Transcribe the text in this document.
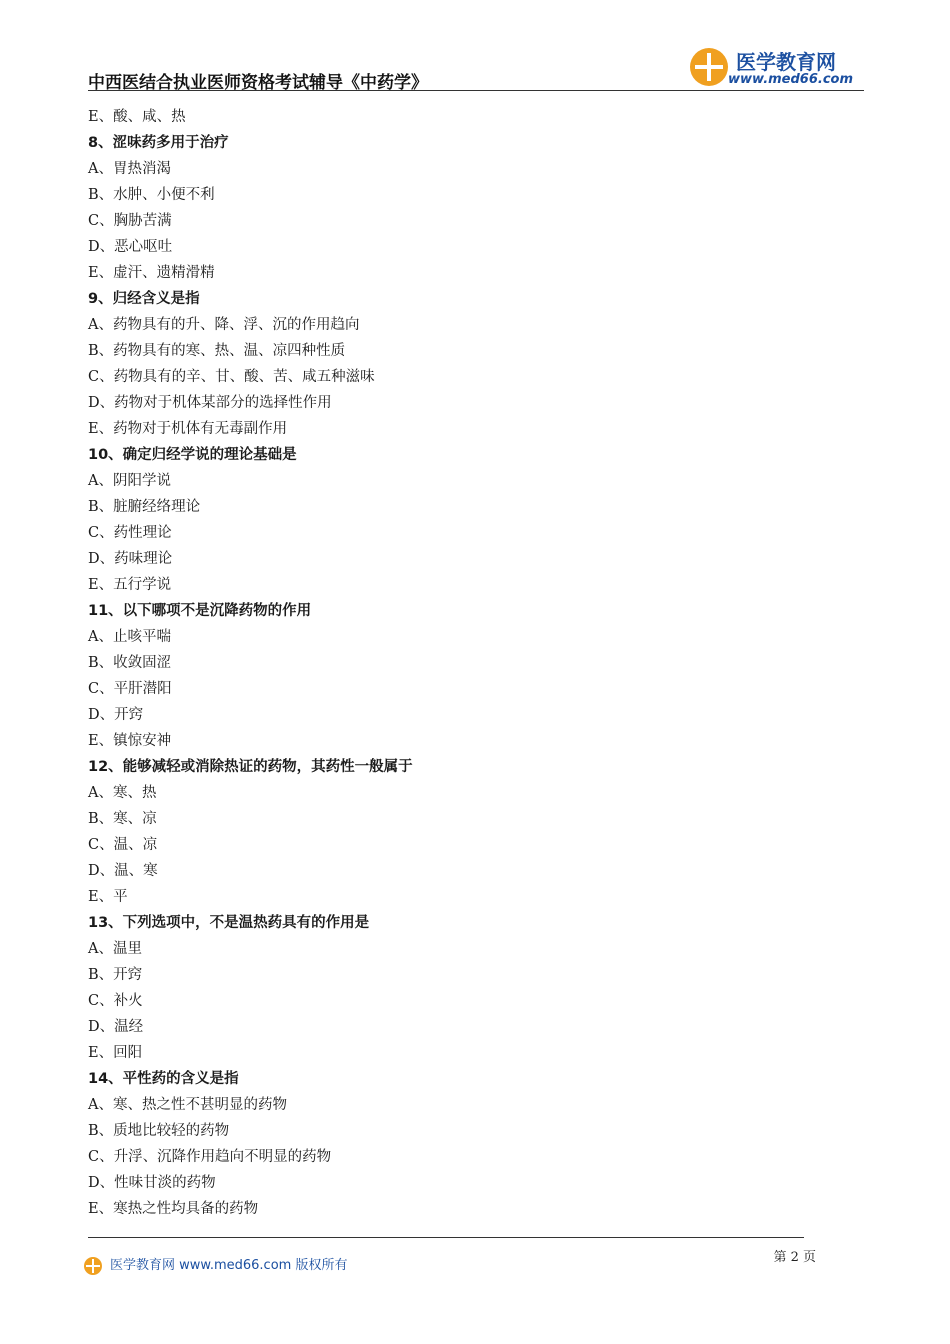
中西医结合执业医师资格考试辅导《中药学》
医学教育网
www.med66.com
E、酸、咸、热
8、涩味药多用于治疗
A、胃热消渴
B、水肿、小便不利
C、胸胁苦满
D、恶心呕吐
E、虚汗、遗精滑精
9、归经含义是指
A、药物具有的升、降、浮、沉的作用趋向
B、药物具有的寒、热、温、凉四种性质
C、药物具有的辛、甘、酸、苦、咸五种滋味
D、药物对于机体某部分的选择性作用
E、药物对于机体有无毒副作用
10、确定归经学说的理论基础是
A、阴阳学说
B、脏腑经络理论
C、药性理论
D、药味理论
E、五行学说
11、以下哪项不是沉降药物的作用
A、止咳平喘
B、收敛固涩
C、平肝潜阳
D、开窍
E、镇惊安神
12、能够减轻或消除热证的药物，其药性一般属于
A、寒、热
B、寒、凉
C、温、凉
D、温、寒
E、平
13、下列选项中，不是温热药具有的作用是
A、温里
B、开窍
C、补火
D、温经
E、回阳
14、平性药的含义是指
A、寒、热之性不甚明显的药物
B、质地比较轻的药物
C、升浮、沉降作用趋向不明显的药物
D、性味甘淡的药物
E、寒热之性均具备的药物
第 2 页
医学教育网 www.med66.com 版权所有
